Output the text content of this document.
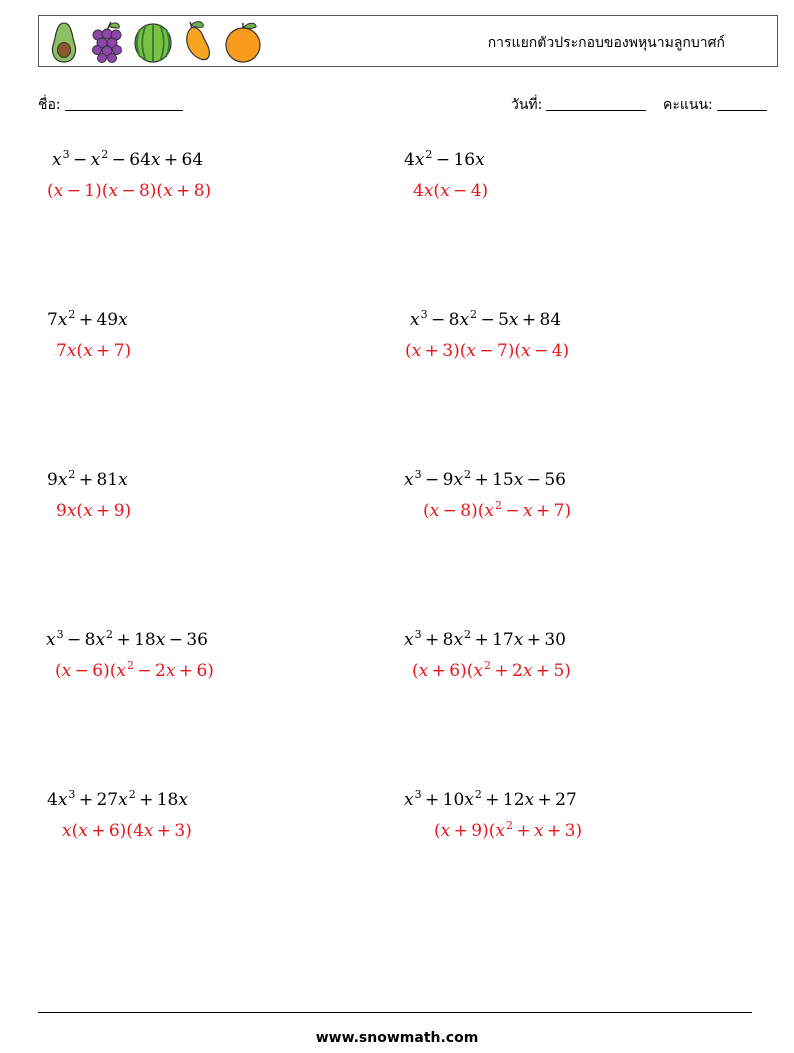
การแยกตัวประกอบของพหุนามลูกบาศก์
ชื่อ:	วันที่:	คะแนน:
$x^3 - x^2 - 64x + 64$
(x − 1)(x − 8)(x + 8)
$4x^2 - 16x$
4x(x − 4)
$7x^2 + 49x$
7x(x + 7)
$x^3 - 8x^2 - 5x + 84$
(x + 3)(x − 7)(x − 4)
$9x^2 + 81x$
9x(x + 9)
$x^3 - 9x^2 + 15x - 56$
$(x - 8)(x^2 - x + 7)$
$x^3 - 8x^2 + 18x - 36$
$(x - 6)(x^2 - 2x + 6)$
$x^3 + 8x^2 + 17x + 30$
$(x + 6)(x^2 + 2x + 5)$
$4x^3 + 27x^2 + 18x$
x(x + 6)(4x + 3)
$x^3 + 10x^2 + 12x + 27$
$(x + 9)(x^2 + x + 3)$
www.snowmath.com
